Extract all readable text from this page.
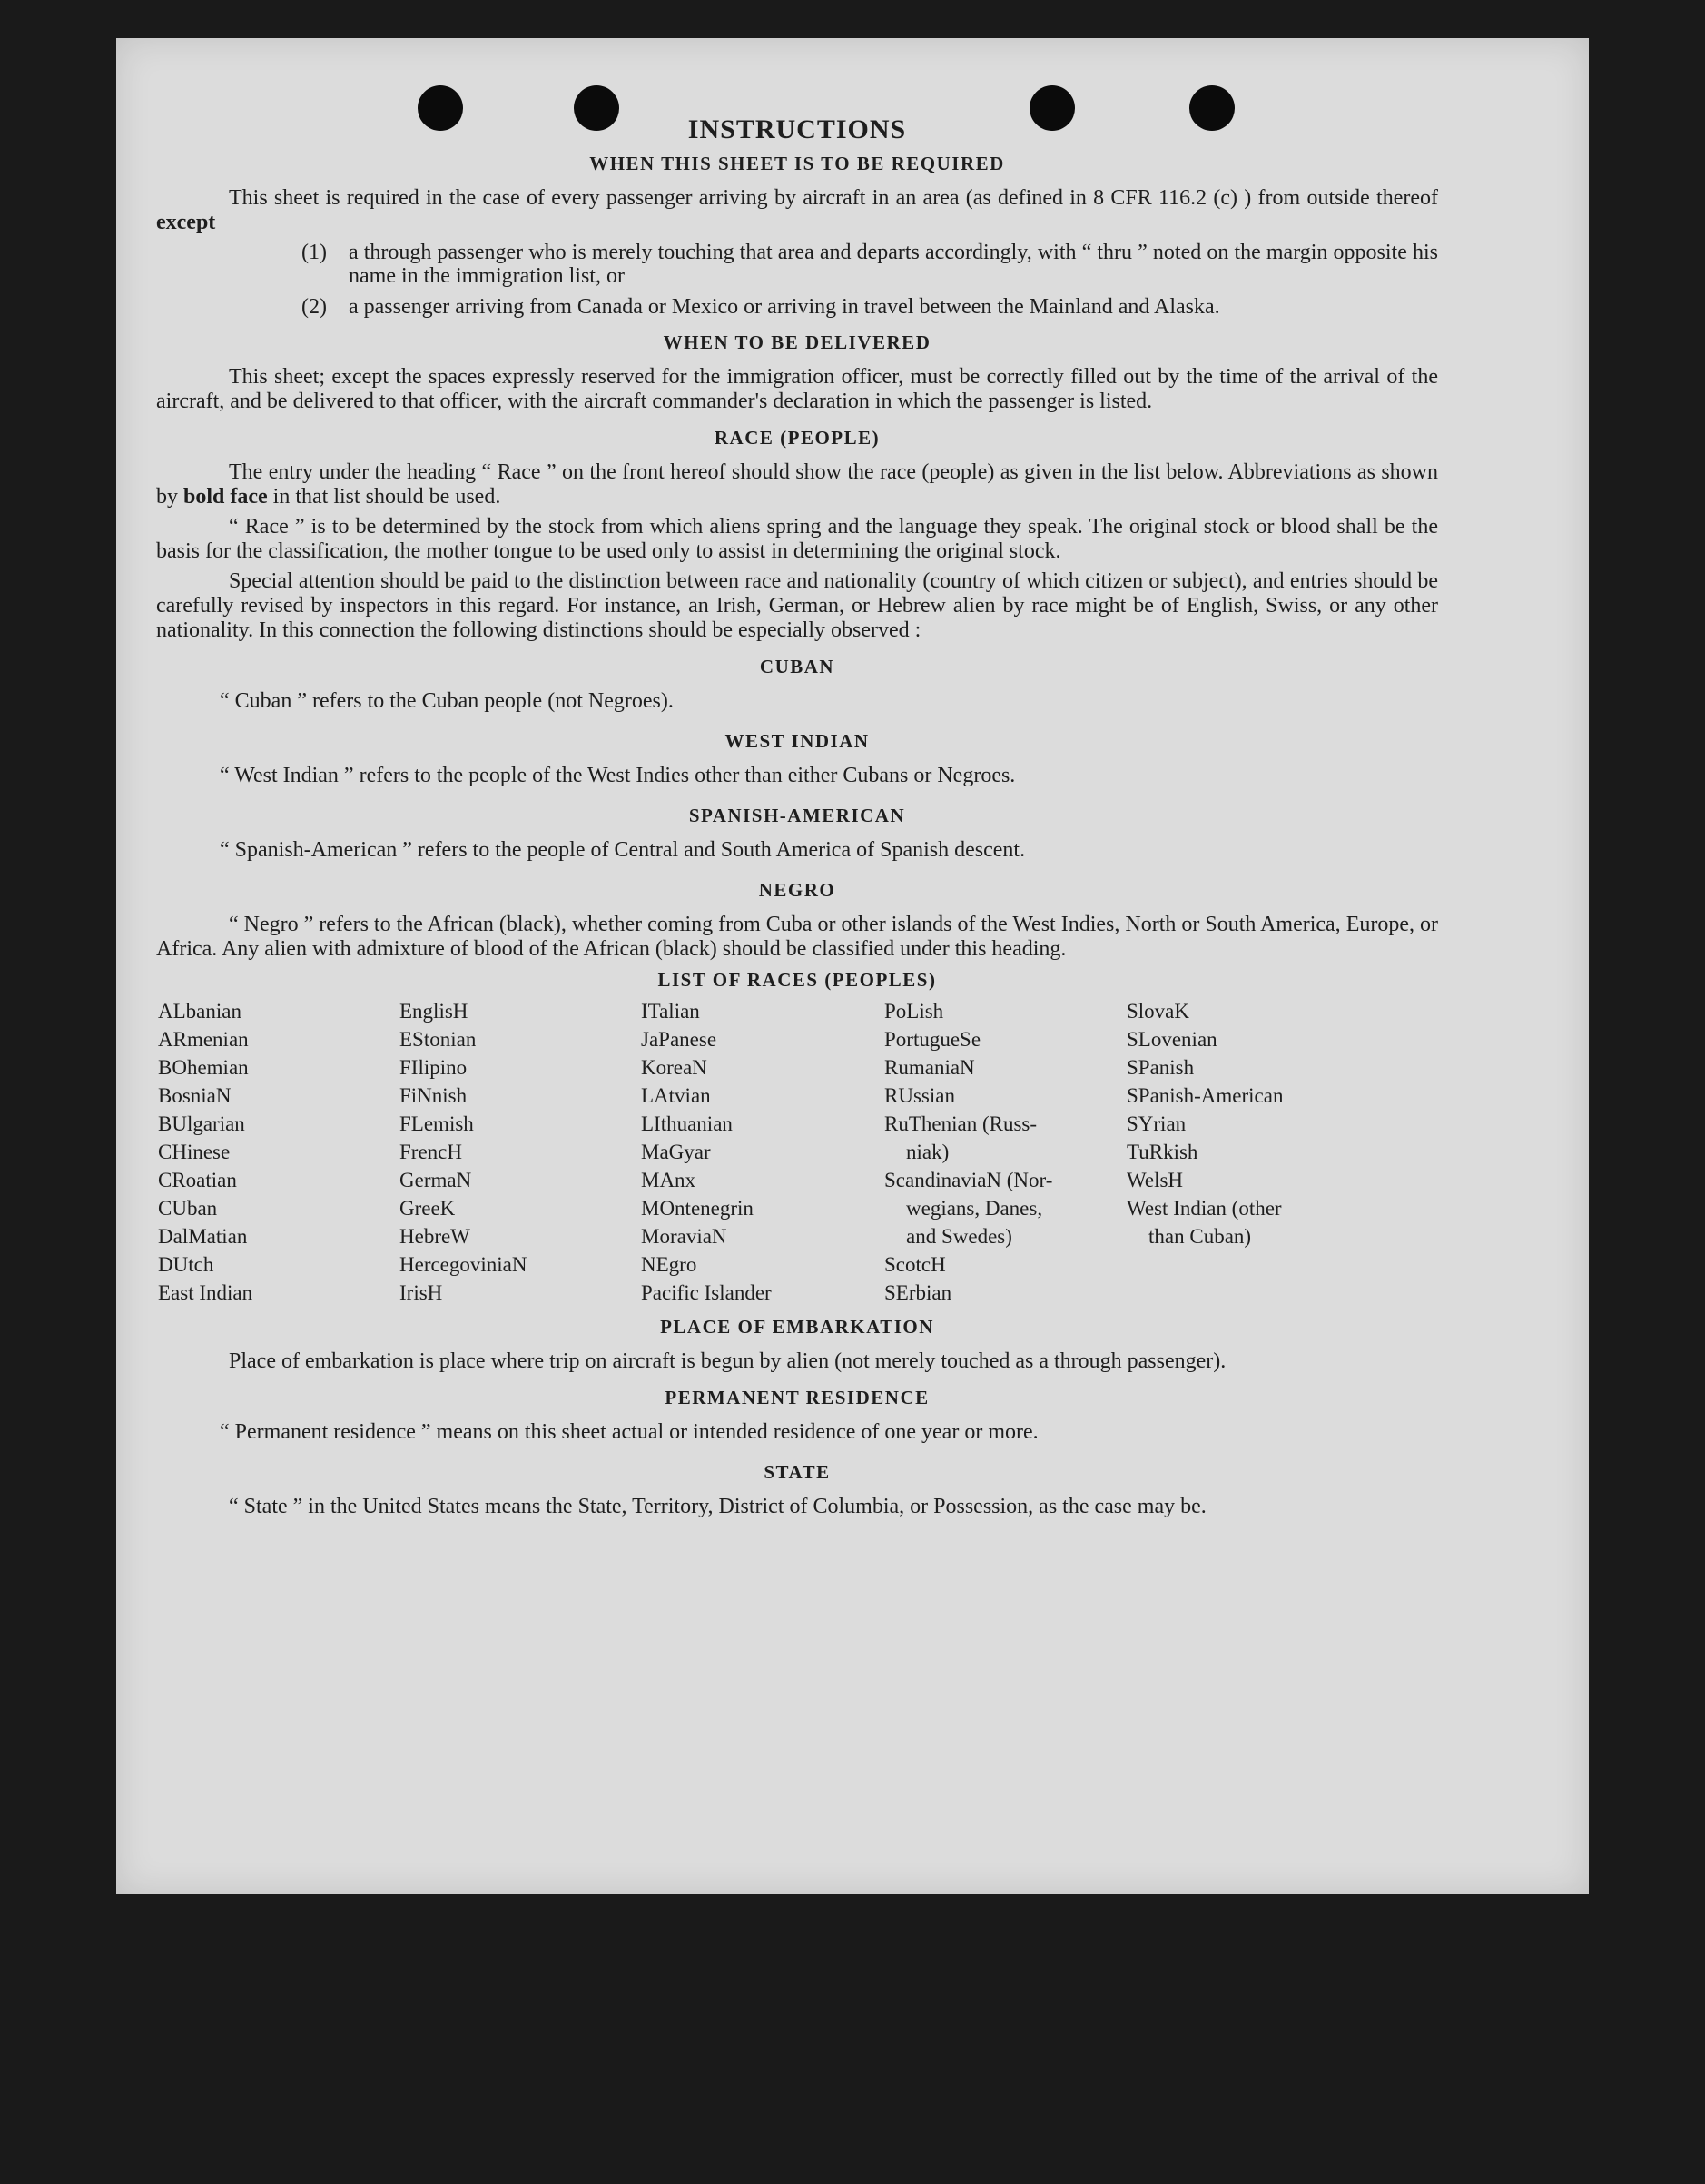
INSTRUCTIONS
WHEN THIS SHEET IS TO BE REQUIRED

This sheet is required in the case of every passenger arriving by aircraft in an area (as defined in 8 CFR 116.2 (c) ) from outside thereof except

(1) a through passenger who is merely touching that area and departs accordingly, with “ thru ” noted on the margin opposite his name in the immigration list, or
(2) a passenger arriving from Canada or Mexico or arriving in travel between the Mainland and Alaska.
WHEN TO BE DELIVERED

This sheet; except the spaces expressly reserved for the immigration officer, must be correctly filled out by the time of the arrival of the aircraft, and be delivered to that officer, with the aircraft commander's declaration in which the passenger is listed.

RACE (PEOPLE)

The entry under the heading “ Race ” on the front hereof should show the race (people) as given in the list below. Abbreviations as shown by bold face in that list should be used.

“ Race ” is to be determined by the stock from which aliens spring and the language they speak. The original stock or blood shall be the basis for the classification, the mother tongue to be used only to assist in determining the original stock.

Special attention should be paid to the distinction between race and nationality (country of which citizen or subject), and entries should be carefully revised by inspectors in this regard. For instance, an Irish, German, or Hebrew alien by race might be of English, Swiss, or any other nationality. In this connection the following distinctions should be especially observed :

CUBAN

“ Cuban ” refers to the Cuban people (not Negroes).

WEST INDIAN

“ West Indian ” refers to the people of the West Indies other than either Cubans or Negroes.

SPANISH-AMERICAN

“ Spanish-American ” refers to the people of Central and South America of Spanish descent.

NEGRO

“ Negro ” refers to the African (black), whether coming from Cuba or other islands of the West Indies, North or South America, Europe, or Africa. Any alien with admixture of blood of the African (black) should be classified under this heading.

LIST OF RACES (PEOPLES)
ALbanian
ARmenian
BOhemian
BosniaN
BUlgarian
CHinese
CRoatian
CUban
DalMatian
DUtch
East Indian
EnglisH
EStonian
FIlipino
FiNnish
FLemish
FrencH
GermaN
GreeK
HebreW
HercegoviniaN
IrisH
ITalian
JaPanese
KoreaN
LAtvian
LIthuanian
MaGyar
MAnx
MOntenegrin
MoraviaN
NEgro
Pacific Islander
PoLish
PortugueSe
RumaniaN
RUssian
RuThenian (Russ-
niak)
ScandinaviaN (Nor-
wegians, Danes,
and Swedes)
ScotcH
SErbian
SlovaK
SLovenian
SPanish
SPanish-American
SYrian
TuRkish
WelsH
West Indian (other
than Cuban)
PLACE OF EMBARKATION

Place of embarkation is place where trip on aircraft is begun by alien (not merely touched as a through passenger).

PERMANENT RESIDENCE

“ Permanent residence ” means on this sheet actual or intended residence of one year or more.

STATE

“ State ” in the United States means the State, Territory, District of Columbia, or Possession, as the case may be.
